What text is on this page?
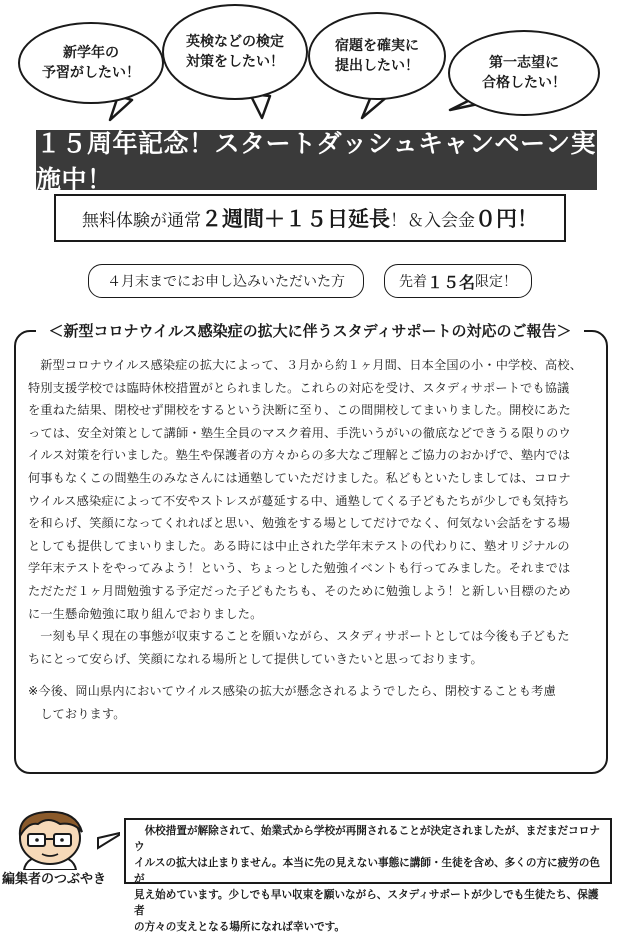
新学年の
予習がしたい！
英検などの検定
対策をしたい！
宿題を確実に
提出したい！	第一志望に
合格したい！
１５周年記念！スタートダッシュキャンペーン実施中！
無料体験が通常 ２週間 ＋ １５日延長 ！＆入会金 ０円 ！
４月末までにお申し込みいただいた方	先着 １５名 限定！
＜新型コロナウイルス感染症の拡大に伴うスタディサポートの対応のご報告＞

新型コロナウイルス感染症の拡大によって、３月から約１ヶ月間、日本全国の小・中学校、高校、
特別支援学校では臨時休校措置がとられました。これらの対応を受け、スタディサポートでも協議
を重ねた結果、閉校せず開校をするという決断に至り、この間開校してまいりました。開校にあた
っては、安全対策として講師・塾生全員のマスク着用、手洗いうがいの徹底などできうる限りのウ
イルス対策を行いました。塾生や保護者の方々からの多大なご理解とご協力のおかげで、塾内では
何事もなくこの間塾生のみなさんには通塾していただけました。私どもといたしましては、コロナ
ウイルス感染症によって不安やストレスが蔓延する中、通塾してくる子どもたちが少しでも気持ち
を和らげ、笑顔になってくれればと思い、勉強をする場としてだけでなく、何気ない会話をする場
としても提供してまいりました。ある時には中止された学年末テストの代わりに、塾オリジナルの
学年末テストをやってみよう！という、ちょっとした勉強イベントも行ってみました。それまでは
ただただ１ヶ月間勉強する予定だった子どもたちも、そのために勉強しよう！と新しい目標のため
に一生懸命勉強に取り組んでおりました。

一刻も早く現在の事態が収束することを願いながら、スタディサポートとしては今後も子どもた
ちにとって安らげ、笑顔になれる場所として提供していきたいと思っております。

※今後、岡山県内においてウイルス感染の拡大が懸念されるようでしたら、閉校することも考慮
しております。

編集者のつぶやき
　休校措置が解除されて、始業式から学校が再開されることが決定されましたが、まだまだコロナウ
イルスの拡大は止まりません。本当に先の見えない事態に講師・生徒を含め、多くの方に疲労の色が
見え始めています。少しでも早い収束を願いながら、スタディサポートが少しでも生徒たち、保護者
の方々の支えとなる場所になれば幸いです。
